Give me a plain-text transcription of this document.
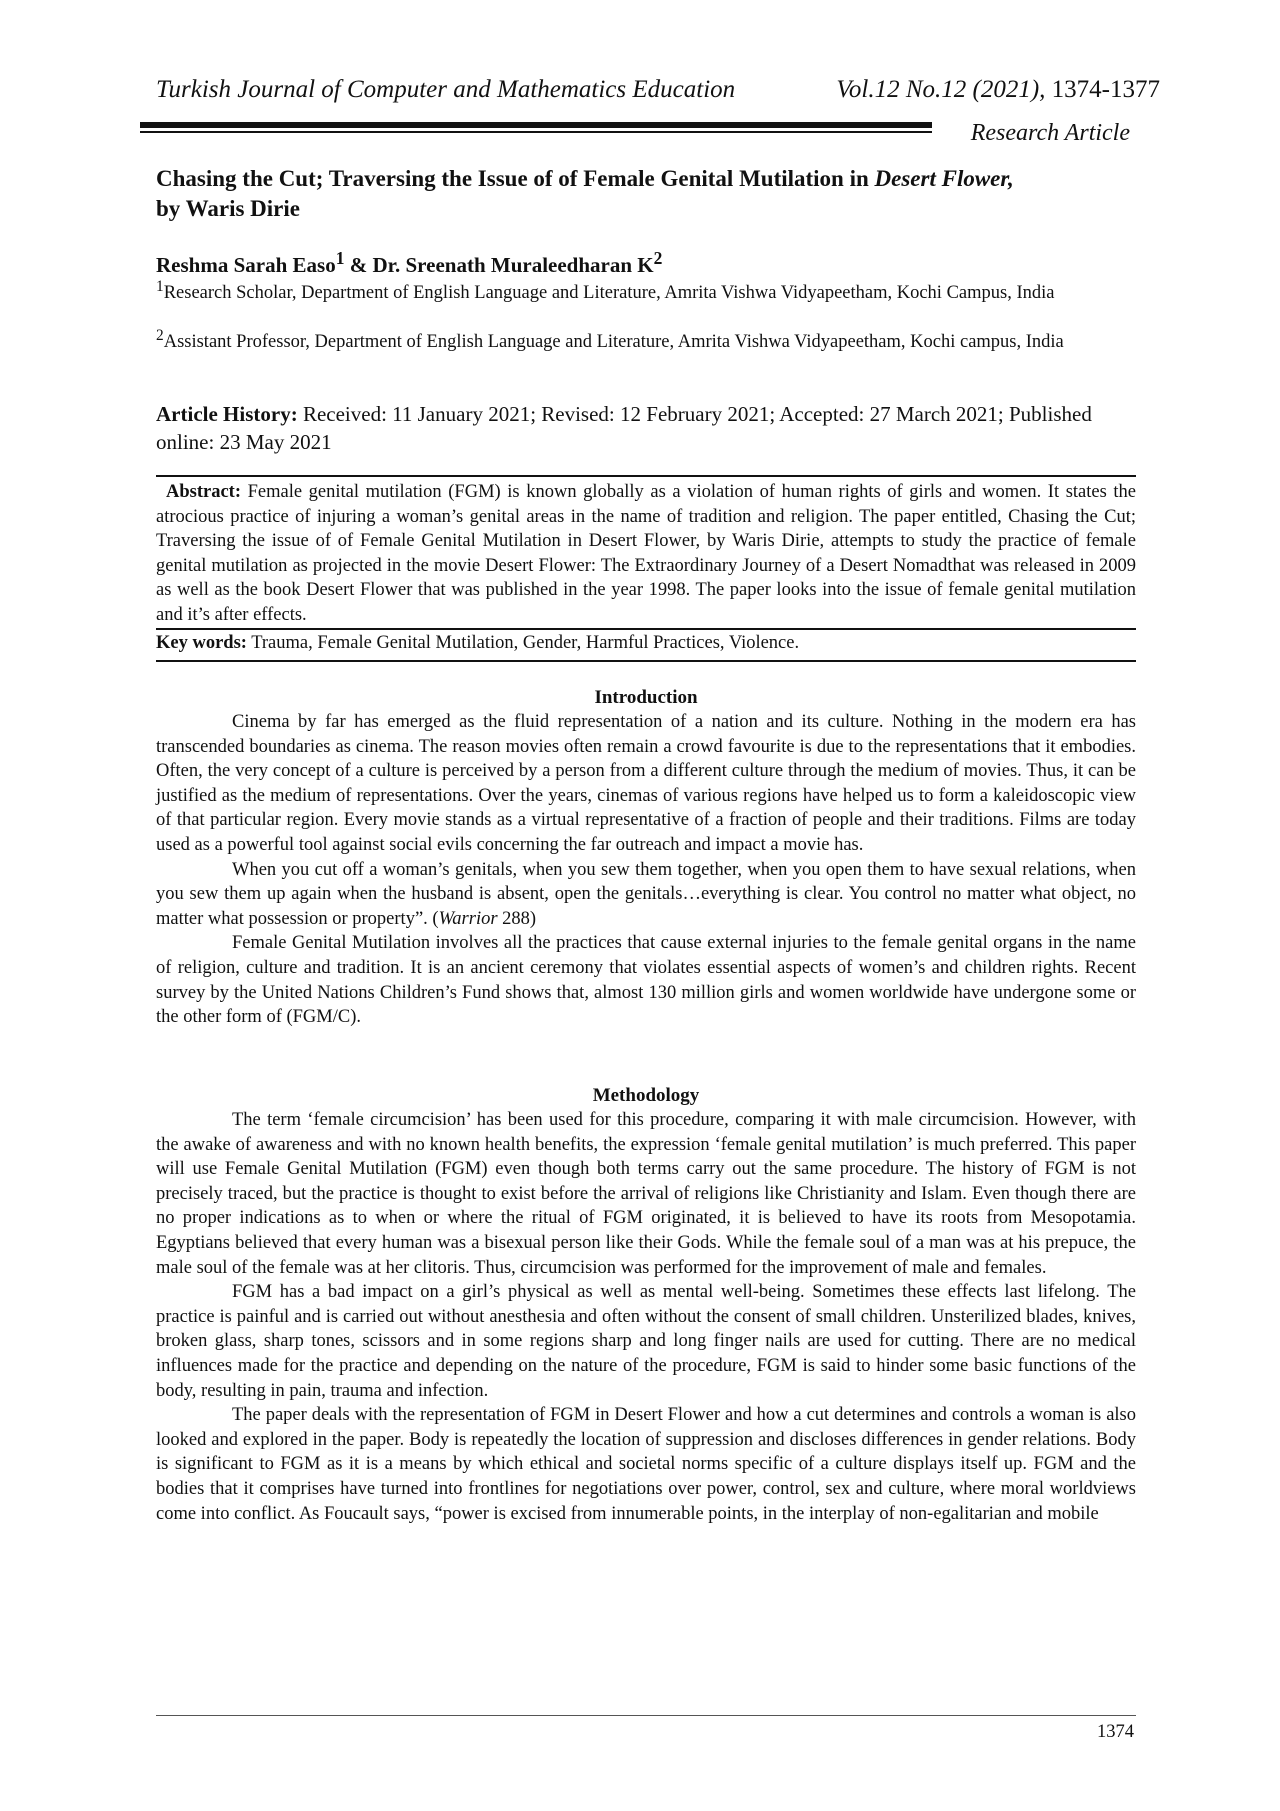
Turkish Journal of Computer and Mathematics Education	Vol.12 No.12 (2021), 1374-1377
Research Article
Chasing the Cut; Traversing the Issue of of Female Genital Mutilation in Desert Flower,
by Waris Dirie
Reshma Sarah Easo$^1$ & Dr. Sreenath Muraleedharan $K^2$
$^1$Research Scholar, Department of English Language and Literature, Amrita Vishwa Vidyapeetham, Kochi Campus, India
$^2$Assistant Professor, Department of English Language and Literature, Amrita Vishwa Vidyapeetham, Kochi campus, India
Article History: Received: 11 January 2021; Revised: 12 February 2021; Accepted: 27 March 2021; Published online: 23 May 2021
Abstract: Female genital mutilation (FGM) is known globally as a violation of human rights of girls and women. It states the atrocious practice of injuring a woman’s genital areas in the name of tradition and religion. The paper entitled, Chasing the Cut; Traversing the issue of of Female Genital Mutilation in Desert Flower, by Waris Dirie, attempts to study the practice of female genital mutilation as projected in the movie Desert Flower: The Extraordinary Journey of a Desert Nomadthat was released in 2009 as well as the book Desert Flower that was published in the year 1998. The paper looks into the issue of female genital mutilation and it’s after effects.
Key words: Trauma, Female Genital Mutilation, Gender, Harmful Practices, Violence.
Introduction

Cinema by far has emerged as the fluid representation of a nation and its culture. Nothing in the modern era has transcended boundaries as cinema. The reason movies often remain a crowd favourite is due to the representations that it embodies. Often, the very concept of a culture is perceived by a person from a different culture through the medium of movies. Thus, it can be justified as the medium of representations. Over the years, cinemas of various regions have helped us to form a kaleidoscopic view of that particular region. Every movie stands as a virtual representative of a fraction of people and their traditions. Films are today used as a powerful tool against social evils concerning the far outreach and impact a movie has.

When you cut off a woman’s genitals, when you sew them together, when you open them to have sexual relations, when you sew them up again when the husband is absent, open the genitals…everything is clear. You control no matter what object, no matter what possession or property”. (Warrior 288)

Female Genital Mutilation involves all the practices that cause external injuries to the female genital organs in the name of religion, culture and tradition. It is an ancient ceremony that violates essential aspects of women’s and children rights. Recent survey by the United Nations Children’s Fund shows that, almost 130 million girls and women worldwide have undergone some or the other form of (FGM/C).

Methodology

The term ‘female circumcision’ has been used for this procedure, comparing it with male circumcision. However, with the awake of awareness and with no known health benefits, the expression ‘female genital mutilation’ is much preferred. This paper will use Female Genital Mutilation (FGM) even though both terms carry out the same procedure. The history of FGM is not precisely traced, but the practice is thought to exist before the arrival of religions like Christianity and Islam. Even though there are no proper indications as to when or where the ritual of FGM originated, it is believed to have its roots from Mesopotamia. Egyptians believed that every human was a bisexual person like their Gods. While the female soul of a man was at his prepuce, the male soul of the female was at her clitoris. Thus, circumcision was performed for the improvement of male and females.

FGM has a bad impact on a girl’s physical as well as mental well-being. Sometimes these effects last lifelong. The practice is painful and is carried out without anesthesia and often without the consent of small children. Unsterilized blades, knives, broken glass, sharp tones, scissors and in some regions sharp and long finger nails are used for cutting. There are no medical influences made for the practice and depending on the nature of the procedure, FGM is said to hinder some basic functions of the body, resulting in pain, trauma and infection.

The paper deals with the representation of FGM in Desert Flower and how a cut determines and controls a woman is also looked and explored in the paper. Body is repeatedly the location of suppression and discloses differences in gender relations. Body is significant to FGM as it is a means by which ethical and societal norms specific of a culture displays itself up. FGM and the bodies that it comprises have turned into frontlines for negotiations over power, control, sex and culture, where moral worldviews come into conflict. As Foucault says, “power is excised from innumerable points, in the interplay of non-egalitarian and mobile

1374
